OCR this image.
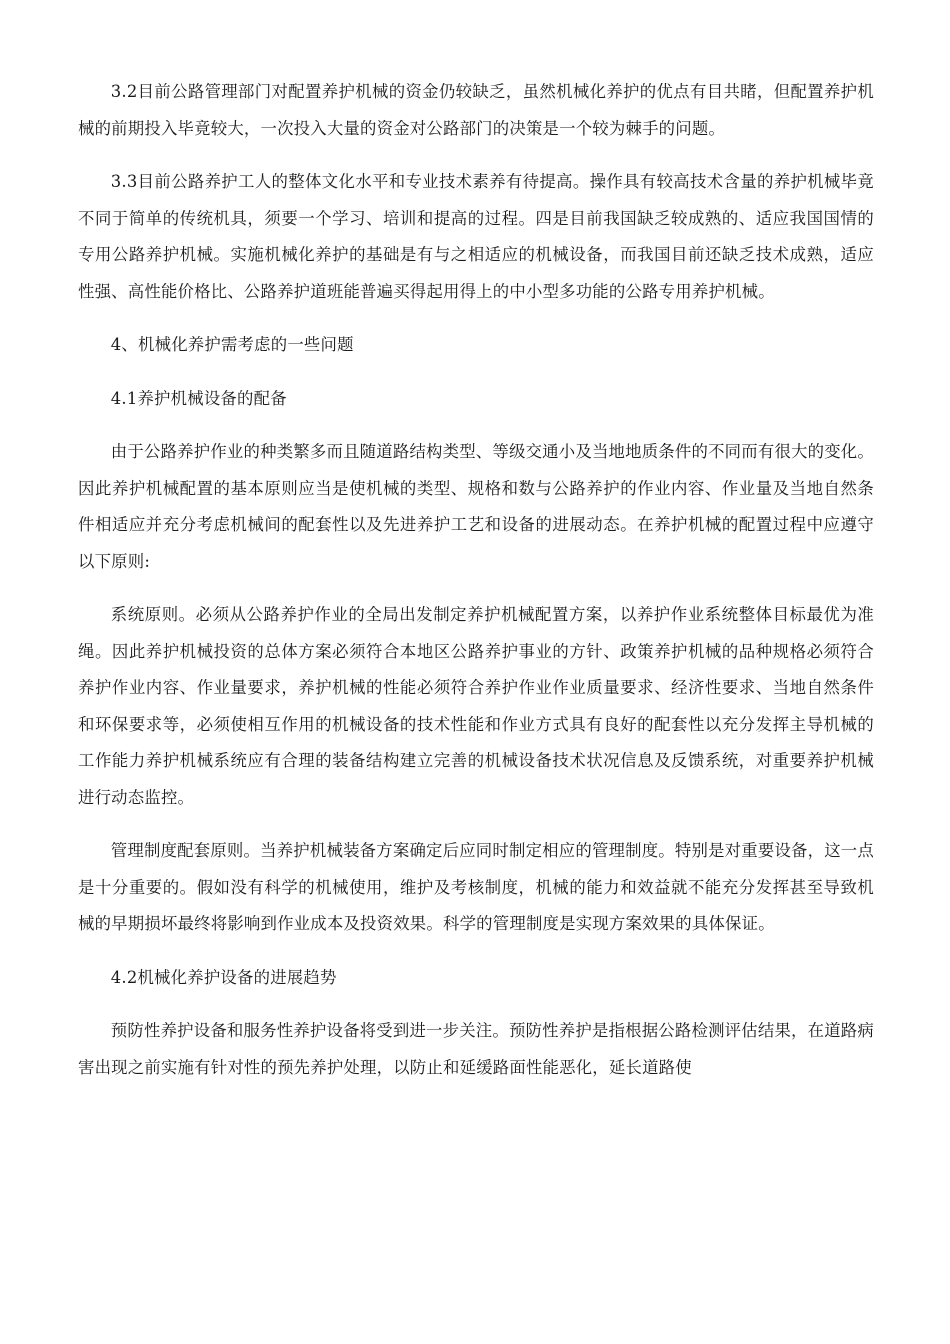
3.2目前公路管理部门对配置养护机械的资金仍较缺乏，虽然机械化养护的优点有目共睹，但配置养护机械的前期投入毕竟较大，一次投入大量的资金对公路部门的决策是一个较为棘手的问题。

3.3目前公路养护工人的整体文化水平和专业技术素养有待提高。操作具有较高技术含量的养护机械毕竟不同于简单的传统机具，须要一个学习、培训和提高的过程。四是目前我国缺乏较成熟的、适应我国国情的专用公路养护机械。实施机械化养护的基础是有与之相适应的机械设备，而我国目前还缺乏技术成熟，适应性强、高性能价格比、公路养护道班能普遍买得起用得上的中小型多功能的公路专用养护机械。

4、机械化养护需考虑的一些问题

4.1养护机械设备的配备

由于公路养护作业的种类繁多而且随道路结构类型、等级交通小及当地地质条件的不同而有很大的变化。因此养护机械配置的基本原则应当是使机械的类型、规格和数与公路养护的作业内容、作业量及当地自然条件相适应并充分考虑机械间的配套性以及先进养护工艺和设备的进展动态。在养护机械的配置过程中应遵守以下原则:

系统原则。必须从公路养护作业的全局出发制定养护机械配置方案，以养护作业系统整体目标最优为准绳。因此养护机械投资的总体方案必须符合本地区公路养护事业的方针、政策养护机械的品种规格必须符合养护作业内容、作业量要求，养护机械的性能必须符合养护作业作业质量要求、经济性要求、当地自然条件和环保要求等，必须使相互作用的机械设备的技术性能和作业方式具有良好的配套性以充分发挥主导机械的工作能力养护机械系统应有合理的装备结构建立完善的机械设备技术状况信息及反馈系统，对重要养护机械进行动态监控。

管理制度配套原则。当养护机械装备方案确定后应同时制定相应的管理制度。特别是对重要设备，这一点是十分重要的。假如没有科学的机械使用，维护及考核制度，机械的能力和效益就不能充分发挥甚至导致机械的早期损坏最终将影响到作业成本及投资效果。科学的管理制度是实现方案效果的具体保证。

4.2机械化养护设备的进展趋势

预防性养护设备和服务性养护设备将受到进一步关注。预防性养护是指根据公路检测评估结果，在道路病害出现之前实施有针对性的预先养护处理，以防止和延缓路面性能恶化，延长道路使
